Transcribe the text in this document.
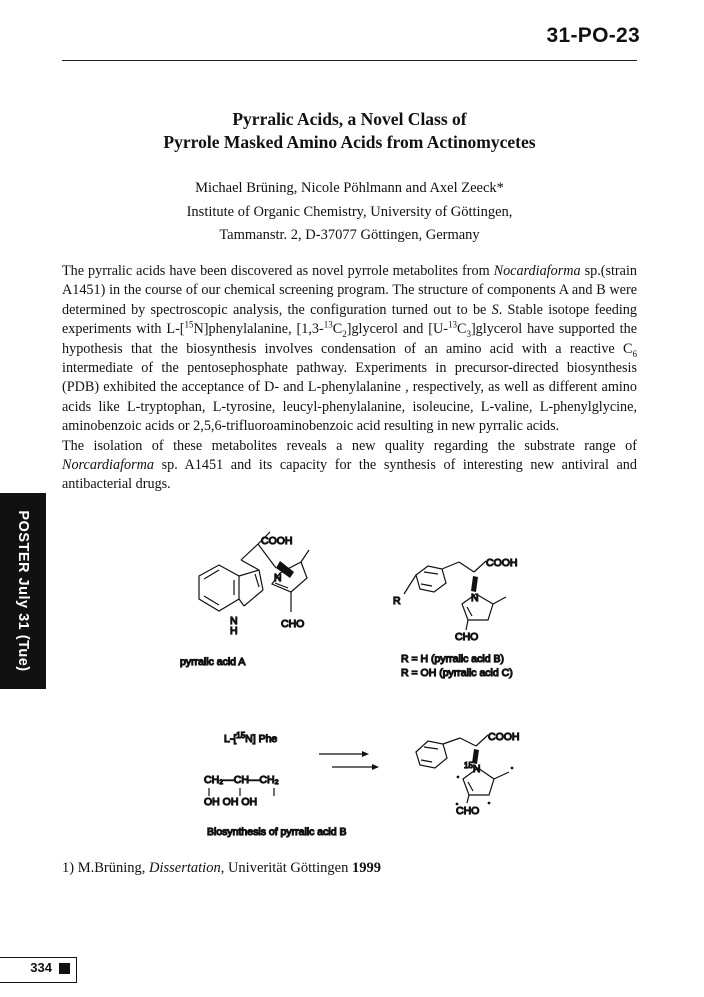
31-PO-23
Pyrralic Acids, a Novel Class of
Pyrrole Masked Amino Acids from Actinomycetes
Michael Brüning, Nicole Pöhlmann and Axel Zeeck*
Institute of Organic Chemistry, University of Göttingen,
Tammanstr. 2, D-37077 Göttingen, Germany

The pyrralic acids have been discovered as novel pyrrole metabolites from Nocardiaforma sp.(strain A1451) in the course of our chemical screening program. The structure of components A and B were determined by spectroscopic analysis, the configuration turned out to be S. Stable isotope feeding experiments with L-[$^{15}$N]phenylalanine, $[1,3-^{13}C_2]glycerol$ and $[U-^{13}C_3]glycerol$ have supported the hypothesis that the biosynthesis involves condensation of an amino acid with a reactive $C_6$ intermediate of the pentosephosphate pathway. Experiments in precursor-directed biosynthesis (PDB) exhibited the acceptance of D- and L-phenylalanine , respectively, as well as different amino acids like L-tryptophan, L-tyrosine, leucyl-phenylalanine, isoleucine, L-valine, L-phenylglycine, aminobenzoic acids or 2,5,6-trifluoroaminobenzoic acid resulting in new pyrralic acids.

The isolation of these metabolites reveals a new quality regarding the substrate range of Norcardiaforma sp. A1451 and its capacity for the synthesis of interesting new antiviral and antibacterial drugs.

POSTER July 31 (Tue)	COOH
N
CHO
N
H
pyrralic acid A
COOH
N
CHO
R
R = H (pyrralic acid B)
R = OH (pyrralic acid C)
L-[$^{15}$N] Phe
CH₂—CH—CH₂
OH OH OH
COOH
$^{15}$N
CHO
Biosynthesis of pyrralic acid B
1) M.Brüning, Dissertation, Univerität Göttingen 1999
334
